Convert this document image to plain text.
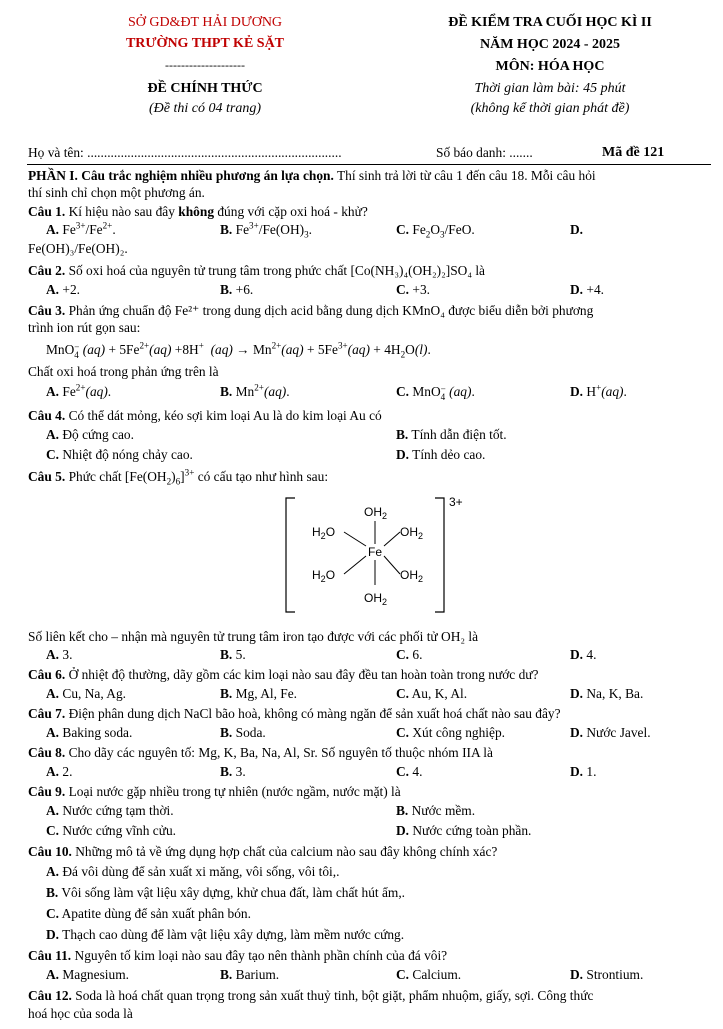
SỞ GD&ĐT HẢI DƯƠNG
TRƯỜNG THPT KẺ SẶT
--------------------
ĐỀ CHÍNH THỨC
(Đề thi có 04 trang)
ĐỀ KIỂM TRA CUỐI HỌC KÌ II
NĂM HỌC 2024 - 2025
MÔN: HÓA HỌC
Thời gian làm bài: 45 phút
(không kể thời gian phát đề)
Họ và tên: ............................................................................	Số báo danh: .......	Mã đề 121
PHẦN I. Câu trắc nghiệm nhiều phương án lựa chọn. Thí sinh trả lời từ câu 1 đến câu 18. Mỗi câu hỏi
thí sinh chỉ chọn một phương án.
Câu 1. Kí hiệu nào sau đây không đúng với cặp oxi hoá - khử?
A. $Fe^{3+}/Fe^{2+}$.	B. $Fe^{3+}/Fe(OH)_3$.	C. $Fe_2O_3$/FeO.	D.
Fe(OH)₃/Fe(OH)₂.
Câu 2. Số oxi hoá của nguyên tử trung tâm trong phức chất [Co(NH₃)₄(OH₂)₂]SO₄ là
A. +2.	B. +6.	C. +3.	D. +4.
Câu 3. Phản ứng chuẩn độ Fe²⁺ trong dung dịch acid bằng dung dịch KMnO₄ được biểu diễn bởi phương
trình ion rút gọn sau:
MnO −
4 $(aq) + 5Fe^{2+}(aq) +8H^+$ $(aq) \to Mn^{2+}(aq) + 5Fe^{3+}(aq) + 4H_2O(l)$.
Chất oxi hoá trong phản ứng trên là
A. $Fe^{2+}(aq)$.	B. $Mn^{2+}(aq)$.	C. MnO −
4 (aq).	D. H+(aq).
Câu 4. Có thể dát mỏng, kéo sợi kim loại Au là do kim loại Au có
A. Độ cứng cao.	B. Tính dẫn điện tốt.
C. Nhiệt độ nóng chảy cao.	D. Tính dẻo cao.
Câu 5. Phức chất $[Fe(OH_2)_6]^{3+}$ có cấu tạo như hình sau:
3+
Fe
$OH_2$
$OH_2$
$H_2O$
$H_2O$
$OH_2$
$OH_2$
Số liên kết cho – nhận mà nguyên tử trung tâm iron tạo được với các phối tử OH₂ là
A. 3.	B. 5.	C. 6.	D. 4.
Câu 6. Ở nhiệt độ thường, dãy gồm các kim loại nào sau đây đều tan hoàn toàn trong nước dư?
A. Cu, Na, Ag.	B. Mg, Al, Fe.	C. Au, K, Al.	D. Na, K, Ba.
Câu 7. Điện phân dung dịch NaCl bão hoà, không có màng ngăn để sản xuất hoá chất nào sau đây?
A. Baking soda.	B. Soda.	C. Xút công nghiệp.	D. Nước Javel.
Câu 8. Cho dãy các nguyên tố: Mg, K, Ba, Na, Al, Sr. Số nguyên tố thuộc nhóm IIA là
A. 2.	B. 3.	C. 4.	D. 1.
Câu 9. Loại nước gặp nhiều trong tự nhiên (nước ngầm, nước mặt) là
A. Nước cứng tạm thời.	B. Nước mềm.
C. Nước cứng vĩnh cửu.	D. Nước cứng toàn phần.
Câu 10. Những mô tả về ứng dụng hợp chất của calcium nào sau đây không chính xác?
A. Đá vôi dùng để sản xuất xi măng, vôi sống, vôi tôi,.
B. Vôi sống làm vật liệu xây dựng, khử chua đất, làm chất hút ẩm,.
C. Apatite dùng để sản xuất phân bón.
D. Thạch cao dùng để làm vật liệu xây dựng, làm mềm nước cứng.
Câu 11. Nguyên tố kim loại nào sau đây tạo nên thành phần chính của đá vôi?
A. Magnesium.	B. Barium.	C. Calcium.	D. Strontium.
Câu 12. Soda là hoá chất quan trọng trong sản xuất thuỷ tinh, bột giặt, phẩm nhuộm, giấy, sợi. Công thức
hoá học của soda là
